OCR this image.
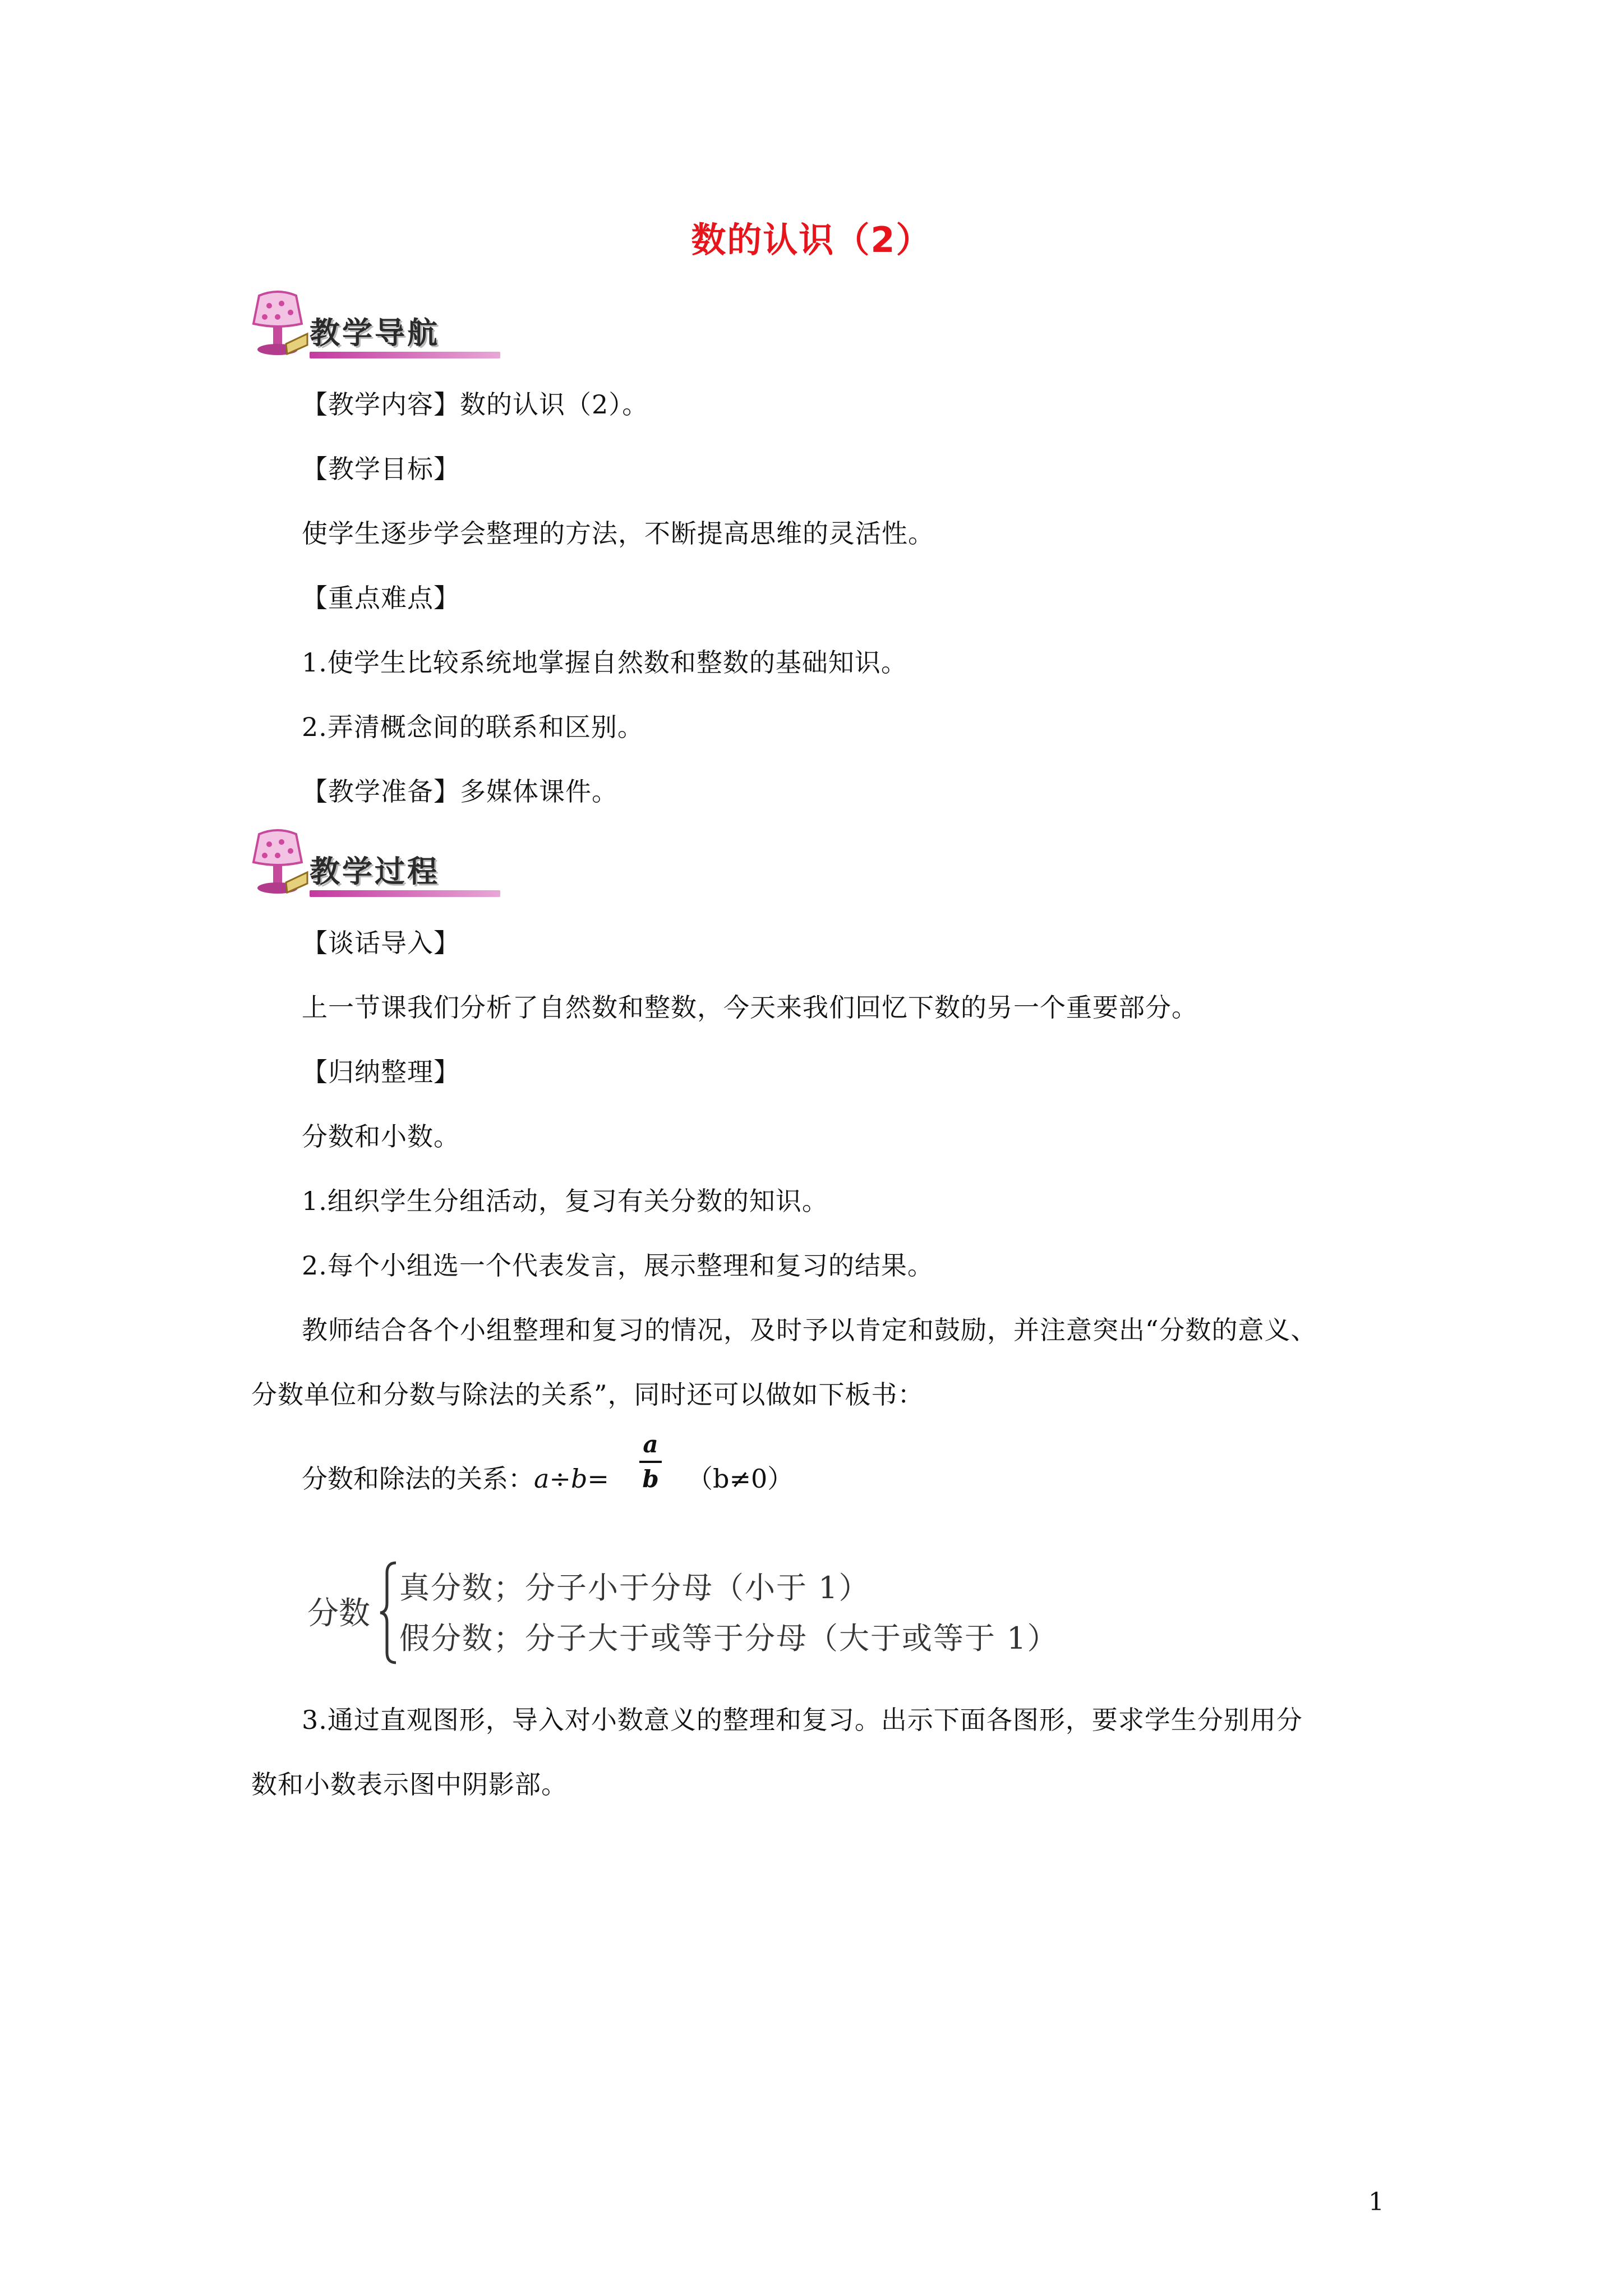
数的认识（2）
教学导航
【教学内容】数的认识（2）。
【教学目标】
使学生逐步学会整理的方法，不断提高思维的灵活性。
【重点难点】
1.使学生比较系统地掌握自然数和整数的基础知识。
2.弄清概念间的联系和区别。
【教学准备】多媒体课件。
教学过程
【谈话导入】
上一节课我们分析了自然数和整数，今天来我们回忆下数的另一个重要部分。
【归纳整理】
分数和小数。
1.组织学生分组活动，复习有关分数的知识。
2.每个小组选一个代表发言，展示整理和复习的结果。
教师结合各个小组整理和复习的情况，及时予以肯定和鼓励，并注意突出“分数的意义、
分数单位和分数与除法的关系”，同时还可以做如下板书：
分数和除法的关系：a÷b=
a
b （b≠0）
分数
真分数；分子小于分母（小于 1）
假分数；分子大于或等于分母（大于或等于 1）
3.通过直观图形，导入对小数意义的整理和复习。出示下面各图形，要求学生分别用分
数和小数表示图中阴影部。
1
